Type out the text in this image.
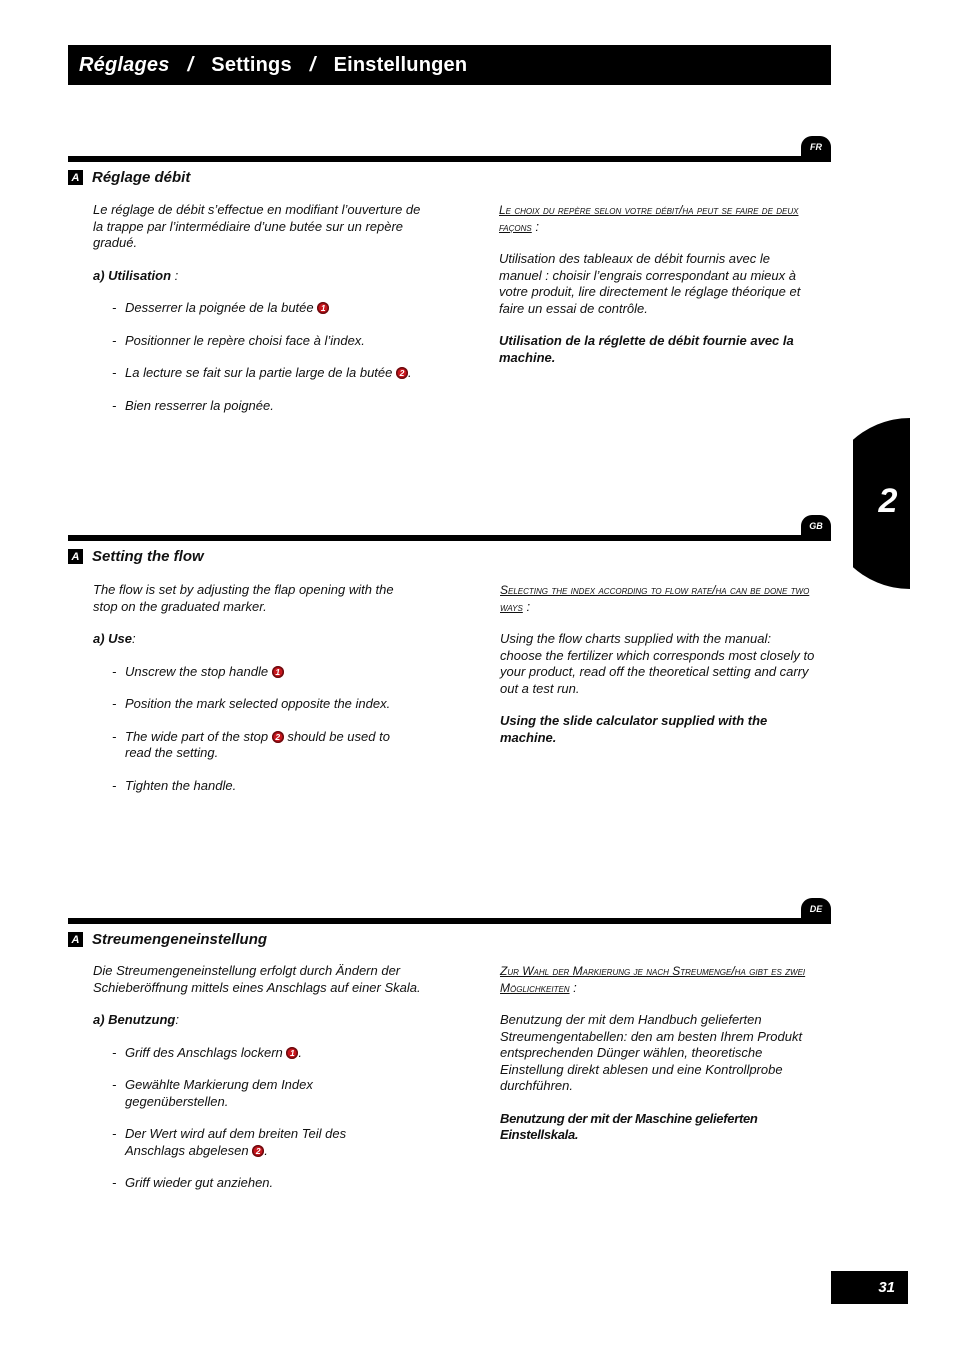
Réglages / Settings / Einstellungen
FR
A Réglage débit

Le réglage de débit s’effectue en modifiant l’ouverture de la trappe par l’intermédiaire d’une butée sur un repère gradué.

a) Utilisation :

- Desserrer la poignée de la butée 1
- Positionner le repère choisi face à l’index.
- La lecture se fait sur la partie large de la butée 2 .
- Bien resserrer la poignée.

Le choix du repère selon votre débit/ha peut se faire de deux façons :

Utilisation des tableaux de débit fournis avec le manuel : choisir l’engrais correspondant au mieux à votre produit, lire directement le réglage théorique et faire un essai de contrôle.

Utilisation de la réglette de débit fournie avec la machine.

GB
A Setting the flow

The flow is set by adjusting the flap opening with the stop on the graduated marker.

a) Use:

- Unscrew the stop handle 1
- Position the mark selected opposite the index.
- The wide part of the stop 2 should be used to read the setting.
- Tighten the handle.

Selecting the index according to flow rate/ha can be done two ways :

Using the flow charts supplied with the manual: choose the fertilizer which corresponds most closely to your product, read off the theoretical setting and carry out a test run.

Using the slide calculator supplied with the machine.

DE
A Streumengeneinstellung

Die Streumengeneinstellung erfolgt durch Ändern der Schieberöffnung mittels eines Anschlags auf einer Skala.

a) Benutzung:

- Griff des Anschlags lockern 1 .
- Gewählte Markierung dem Index gegenüberstellen.
- Der Wert wird auf dem breiten Teil des Anschlags abgelesen 2 .
- Griff wieder gut anziehen.

Zur Wahl der Markierung je nach Streumenge/ha gibt es zwei Möglichkeiten :

Benutzung der mit dem Handbuch gelieferten Streumengentabellen: den am besten Ihrem Produkt entsprechenden Dünger wählen, theoretische Einstellung direkt ablesen und eine Kontrollprobe durchführen.

Benutzung der mit der Maschine gelieferten Einstellskala.

2
31
